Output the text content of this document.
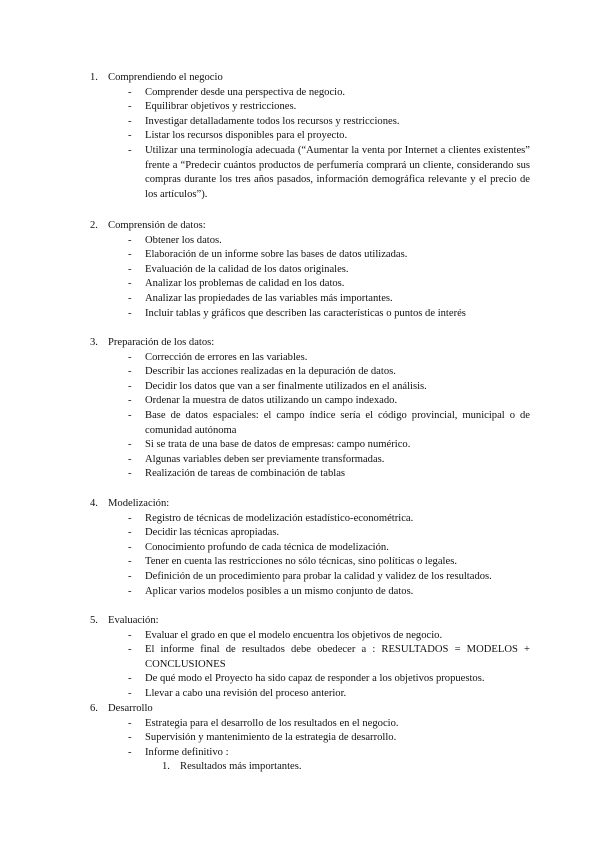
1. Comprendiendo el negocio
- Comprender desde una perspectiva de negocio.
- Equilibrar objetivos y restricciones.
- Investigar detalladamente todos los recursos y restricciones.
- Listar los recursos disponibles para el proyecto.
- Utilizar una terminología adecuada (“Aumentar la venta por Internet a clientes existentes” frente a “Predecir cuántos productos de perfumería comprará un cliente, considerando sus compras durante los tres años pasados, información demográfica relevante y el precio de los artículos”).
2. Comprensión de datos:
- Obtener los datos.
- Elaboración de un informe sobre las bases de datos utilizadas.
- Evaluación de la calidad de los datos originales.
- Analizar los problemas de calidad en los datos.
- Analizar las propiedades de las variables más importantes.
- Incluir tablas y gráficos que describen las características o puntos de interés
3. Preparación de los datos:
- Corrección de errores en las variables.
- Describir las acciones realizadas en la depuración de datos.
- Decidir los datos que van a ser finalmente utilizados en el análisis.
- Ordenar la muestra de datos utilizando un campo indexado.
- Base de datos espaciales: el campo índice sería el código provincial, municipal o de comunidad autónoma
- Si se trata de una base de datos de empresas: campo numérico.
- Algunas variables deben ser previamente transformadas.
- Realización de tareas de combinación de tablas
4. Modelización:
- Registro de técnicas de modelización estadístico-econométrica.
- Decidir las técnicas apropiadas.
- Conocimiento profundo de cada técnica de modelización.
- Tener en cuenta las restricciones no sólo técnicas, sino políticas o legales.
- Definición de un procedimiento para probar la calidad y validez de los resultados.
- Aplicar varios modelos posibles a un mismo conjunto de datos.
5. Evaluación:
- Evaluar el grado en que el modelo encuentra los objetivos de negocio.
- El informe final de resultados debe obedecer a : RESULTADOS = MODELOS + CONCLUSIONES
- De qué modo el Proyecto ha sido capaz de responder a los objetivos propuestos.
- Llevar a cabo una revisión del proceso anterior.
6. Desarrollo
- Estrategia para el desarrollo de los resultados en el negocio.
- Supervisión y mantenimiento de la estrategia de desarrollo.
- Informe definitivo :
1. Resultados más importantes.
